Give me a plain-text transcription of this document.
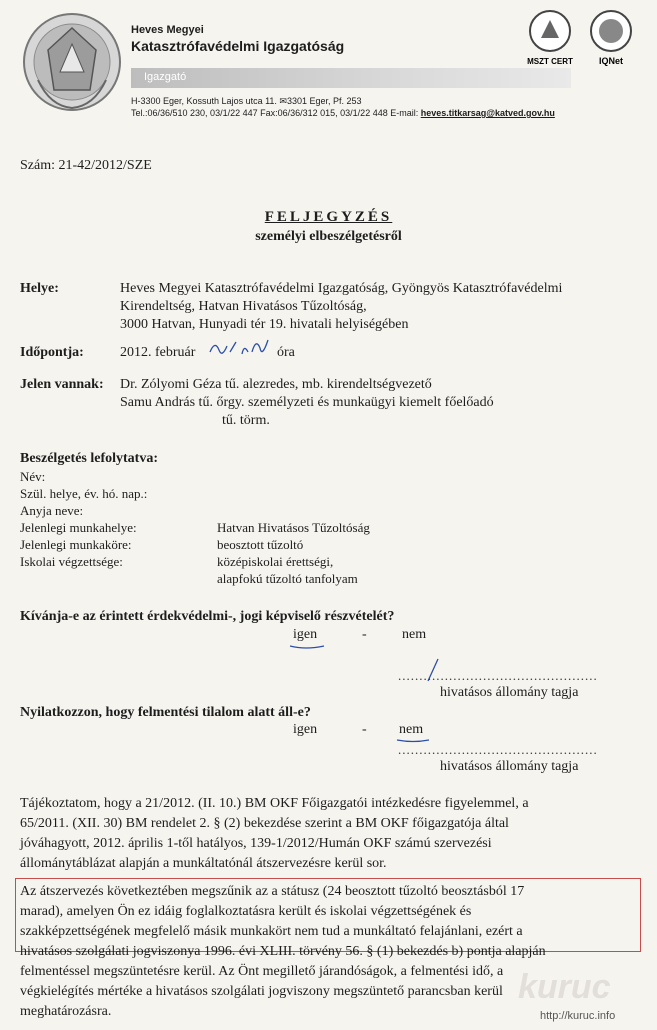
Heves Megyei
Katasztrófavédelmi Igazgatóság
Igazgató
H-3300 Eger, Kossuth Lajos utca 11. ✉3301 Eger, Pf. 253
Tel.:06/36/510 230, 03/1/22 447 Fax:06/36/312 015, 03/1/22 448 E-mail: heves.titkarsag@katved.gov.hu
MSZT CERT	IQNet
Szám: 21-42/2012/SZE
FELJEGYZÉS
személyi elbeszélgetésről
Helye:	Heves Megyei Katasztrófavédelmi Igazgatóság, Gyöngyös Katasztrófavédelmi
Kirendeltség, Hatvan Hivatásos Tűzoltóság,
3000 Hatvan, Hunyadi tér 19. hivatali helyiségében
Időpontja:	2012. február	óra
Jelen vannak: Dr. Zólyomi Géza tű. alezredes, mb. kirendeltségvezető
Samu András tű. őrgy. személyzeti és munkaügyi kiemelt főelőadó
tű. törm.
Beszélgetés lefolytatva:
Név:
Szül. helye, év. hó. nap.:
Anyja neve:
Jelenlegi munkahelye:	Hatvan Hivatásos Tűzoltóság
Jelenlegi munkaköre:	beosztott tűzoltó
Iskolai végzettsége:	középiskolai érettségi,
alapfokú tűzoltó tanfolyam
Kívánja-e az érintett érdekvédelmi-, jogi képviselő részvételét?
igen	-	nem
...............................................
hivatásos állomány tagja
Nyilatkozzon, hogy felmentési tilalom alatt áll-e?
igen	- nem
...............................................
hivatásos állomány tagja
Tájékoztatom, hogy a 21/2012. (II. 10.) BM OKF Főigazgatói intézkedésre figyelemmel, a
65/2011. (XII. 30) BM rendelet 2. § (2) bekezdése szerint a BM OKF főigazgatója által
jóváhagyott, 2012. április 1-től hatályos, 139-1/2012/Humán OKF számú szervezési
állománytáblázat alapján a munkáltatónál átszervezésre kerül sor.
Az átszervezés következtében megszűnik az a státusz (24 beosztott tűzoltó beosztásból 17
marad), amelyen Ön ez idáig foglalkoztatásra került és iskolai végzettségének és
szakképzettségének megfelelő másik munkakört nem tud a munkáltató felajánlani, ezért a
hivatásos szolgálati jogviszonya 1996. évi XLIII. törvény 56. § (1) bekezdés b) pontja alapján
felmentéssel megszüntetésre kerül. Az Önt megillető járandóságok, a felmentési idő, a
végkielégítés mértéke a hivatásos szolgálati jogviszony megszüntető parancsban kerül
meghatározásra.
kuruc
http://kuruc.info
